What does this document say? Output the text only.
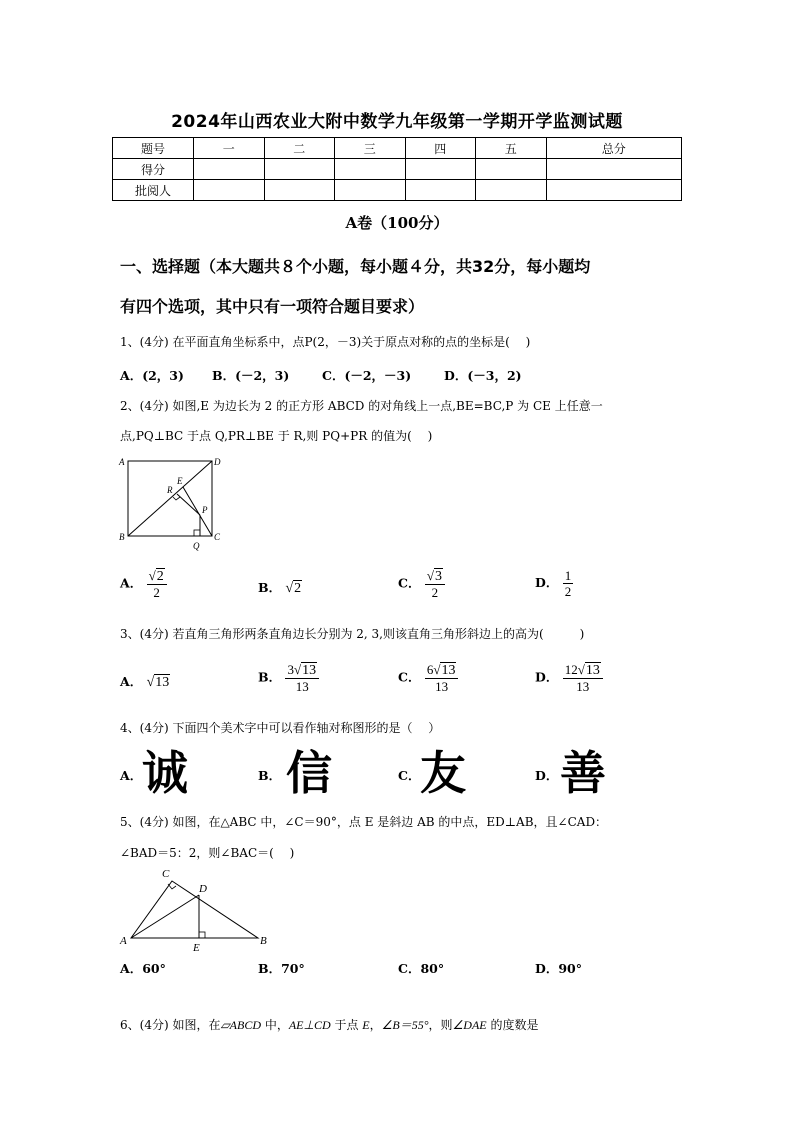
2024年山西农业大附中数学九年级第一学期开学监测试题
题号	一	二	三	四	五	总分
得分						
批阅人						
A卷（100分）
一、选择题（本大题共８个小题，每小题４分，共32分，每小题均
有四个选项，其中只有一项符合题目要求）
1、(4分) 在平面直角坐标系中，点P(2，－3)关于原点对称的点的坐标是(　 )
A．(2，3) B．(－2，3)	C．(－2，－3)	D．(－3，2)
2、(4分) 如图,E 为边长为 2 的正方形 ABCD 的对角线上一点,BE=BC,P 为 CE 上任意一
点,PQ⊥BC 于点 Q,PR⊥BE 于 R,则 PQ+PR 的值为(　 )
A	D
B	C
E
R
P
Q
A． $\frac{√2}{2}$	B． √2	C． $\frac{√3}{2}$	D． $\frac{1}{2}$
3、(4分) 若直角三角形两条直角边长分别为 2, 3,则该直角三角形斜边上的高为(　　　)
A． √13	B． $\frac{3√13}{13}$	C． $\frac{6√13}{13}$	D． $\frac{12√13}{13}$
4、(4分) 下面四个美术字中可以看作轴对称图形的是（　 ）
A． 诚	B． 信	C． 友	D． 善
5、(4分) 如图，在△ABC 中，∠C＝90°，点 E 是斜边 AB 的中点，ED⊥AB，且∠CAD：
∠BAD＝5：2，则∠BAC＝(　 )
A	B
C
D
E
A．60°	B．70°	C．80°	D．90°
6、(4分) 如图，在▱ABCD 中，AE⊥CD 于点 E，∠B＝55°，则∠DAE 的度数是
